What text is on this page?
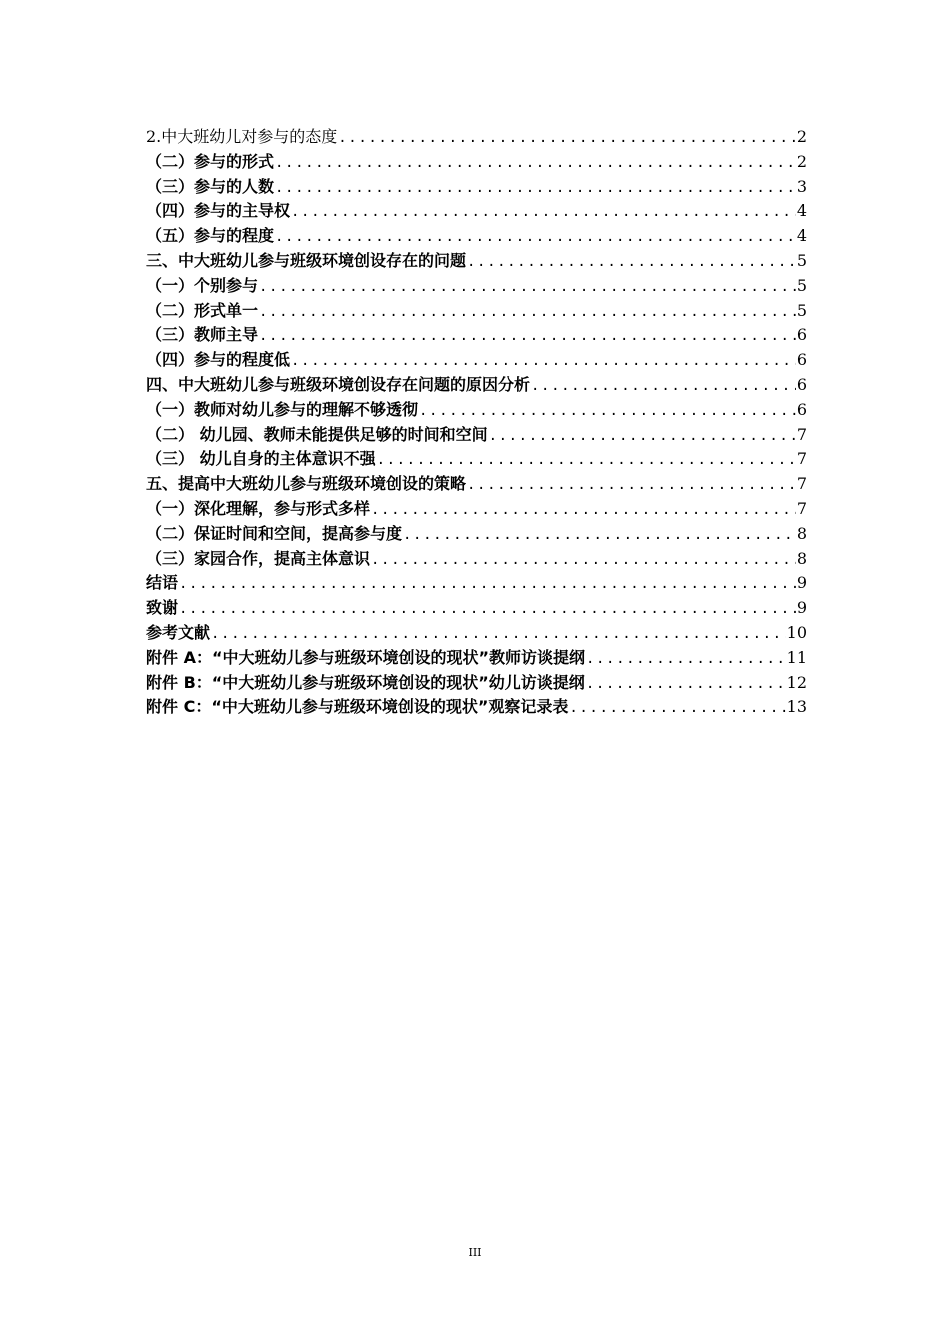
2.中大班幼儿对参与的态度 .....	2
（二）参与的形式 .....	2
（三）参与的人数 .....	3
（四）参与的主导权 .....	4
（五）参与的程度 .....	4
三、中大班幼儿参与班级环境创设存在的问题 .....	5
（一）个别参与 .....	5
（二）形式单一 .....	5
（三）教师主导 .....	6
（四）参与的程度低 .....	6
四、中大班幼儿参与班级环境创设存在问题的原因分析 .....	6
（一）教师对幼儿参与的理解不够透彻 .....	6
（二） 幼儿园、教师未能提供足够的时间和空间 .....	7
（三） 幼儿自身的主体意识不强 .....	7
五、提高中大班幼儿参与班级环境创设的策略 .....	7
（一）深化理解，参与形式多样 .....	7
（二）保证时间和空间，提高参与度 .....	8
（三）家园合作，提高主体意识 .....	8
结语 .....	9
致谢 .....	9
参考文献 .....	10
附件 A：“中大班幼儿参与班级环境创设的现状”教师访谈提纲 .....	11
附件 B：“中大班幼儿参与班级环境创设的现状”幼儿访谈提纲 .....	12
附件 C：“中大班幼儿参与班级环境创设的现状”观察记录表 .....	13
III
